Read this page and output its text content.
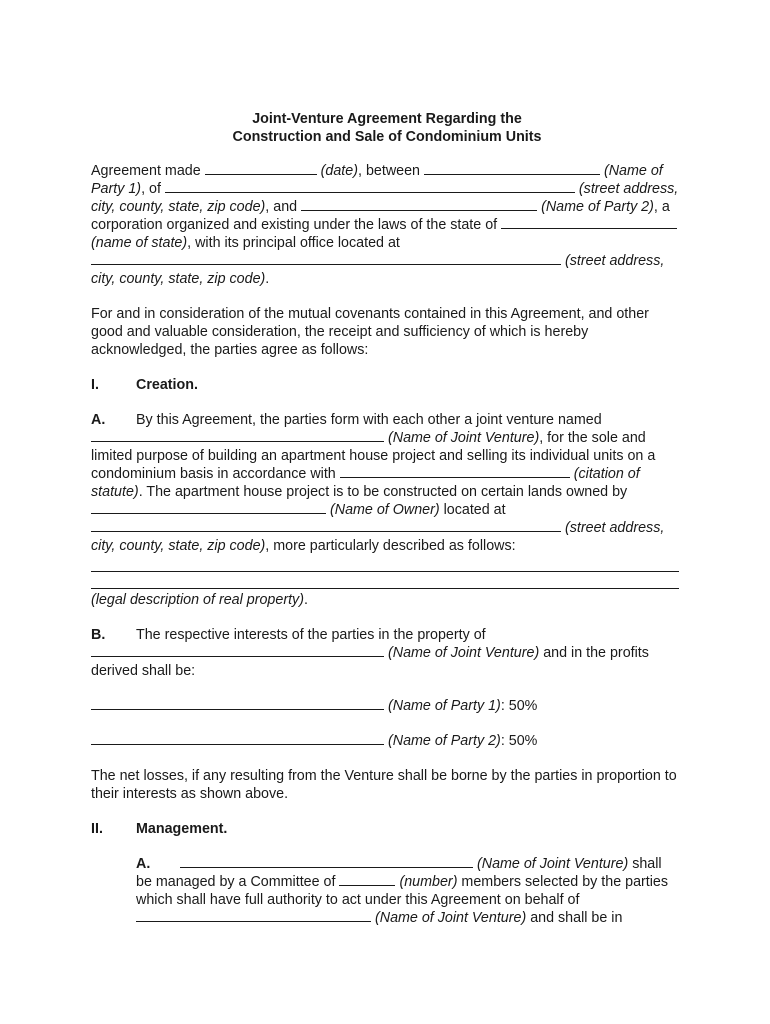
Joint-Venture Agreement Regarding the
Construction and Sale of Condominium Units

Agreement made	(date), between	(Name of Party 1), of	(street address, city, county, state, zip code), and	(Name of Party 2), a corporation organized and existing under the laws of the state of  (name of state), with its principal office located at  (street address, city, county, state, zip code).

For and in consideration of the mutual covenants contained in this Agreement, and other good and valuable consideration, the receipt and sufficiency of which is hereby acknowledged, the parties agree as follows:

I.	Creation.

A. By this Agreement, the parties form with each other a joint venture named  (Name of Joint Venture), for the sole and limited purpose of building an apartment house project and selling its individual units on a condominium basis in accordance with	(citation of statute). The apartment house project is to be constructed on certain lands owned by  (Name of Owner) located at  (street address, city, county, state, zip code), more particularly described as follows:

(legal description of real property).

B. The respective interests of the parties in the property of  (Name of Joint Venture) and in the profits derived shall be:

(Name of Party 1): 50%

(Name of Party 2): 50%

The net losses, if any resulting from the Venture shall be borne by the parties in proportion to their interests as shown above.

II.	Management.

A.	(Name of Joint Venture) shall be managed by a Committee of	(number) members selected by the parties which shall have full authority to act under this Agreement on behalf of  (Name of Joint Venture) and shall be in
